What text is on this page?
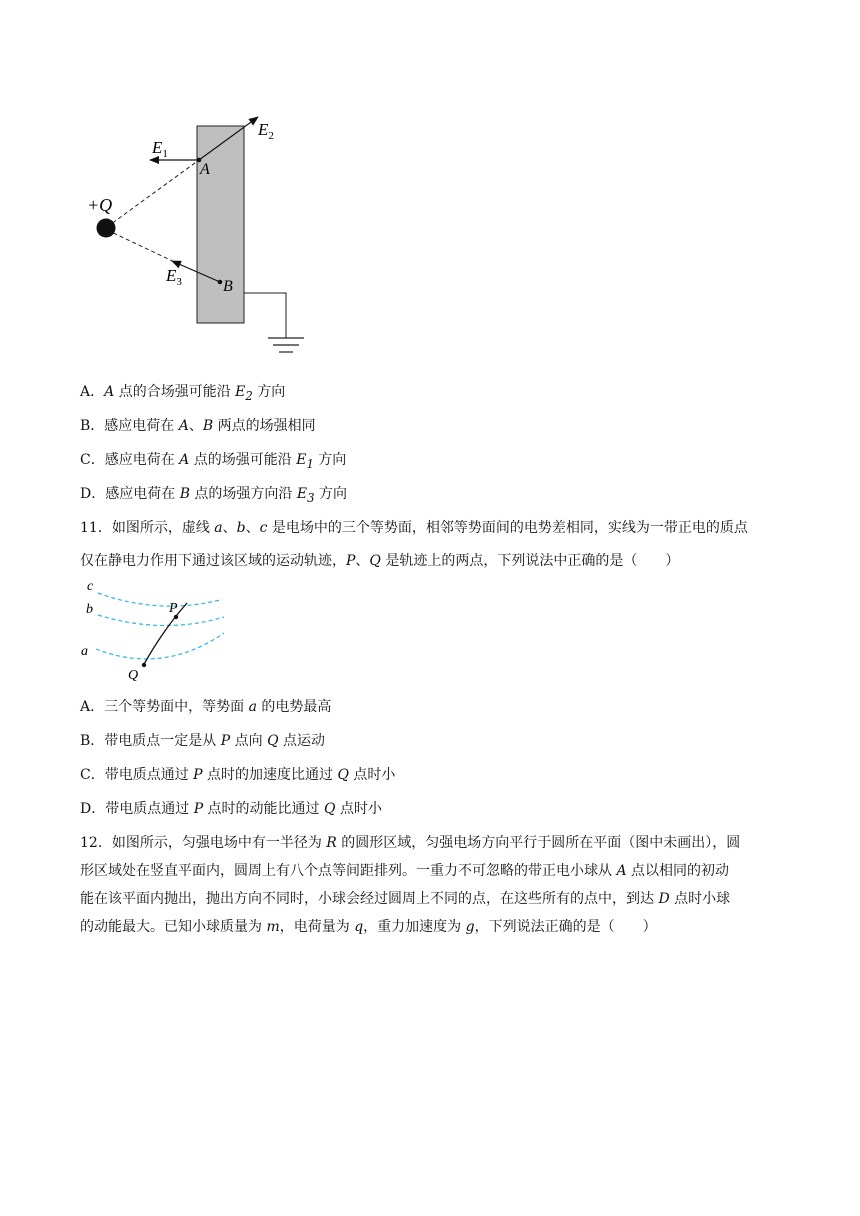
$E_1$
$E_2$
$E_3$
A
B
+Q
A．A 点的合场强可能沿 $E_2$ 方向
B．感应电荷在 A、B 两点的场强相同
C．感应电荷在 A 点的场强可能沿 $E_1$ 方向
D．感应电荷在 B 点的场强方向沿 $E_3$ 方向
11．如图所示，虚线 a、b、c 是电场中的三个等势面，相邻等势面间的电势差相同，实线为一带正电的质点
仅在静电力作用下通过该区域的运动轨迹，P、Q 是轨迹上的两点，下列说法中正确的是（　　）
c
b
a
P
Q
A．三个等势面中，等势面 a 的电势最高
B．带电质点一定是从 P 点向 Q 点运动
C．带电质点通过 P 点时的加速度比通过 Q 点时小
D．带电质点通过 P 点时的动能比通过 Q 点时小
12．如图所示，匀强电场中有一半径为 R 的圆形区域，匀强电场方向平行于圆所在平面（图中未画出），圆
形区域处在竖直平面内，圆周上有八个点等间距排列。一重力不可忽略的带正电小球从 A 点以相同的初动
能在该平面内抛出，抛出方向不同时，小球会经过圆周上不同的点，在这些所有的点中，到达 D 点时小球
的动能最大。已知小球质量为 m，电荷量为 q，重力加速度为 g，下列说法正确的是（　　）
